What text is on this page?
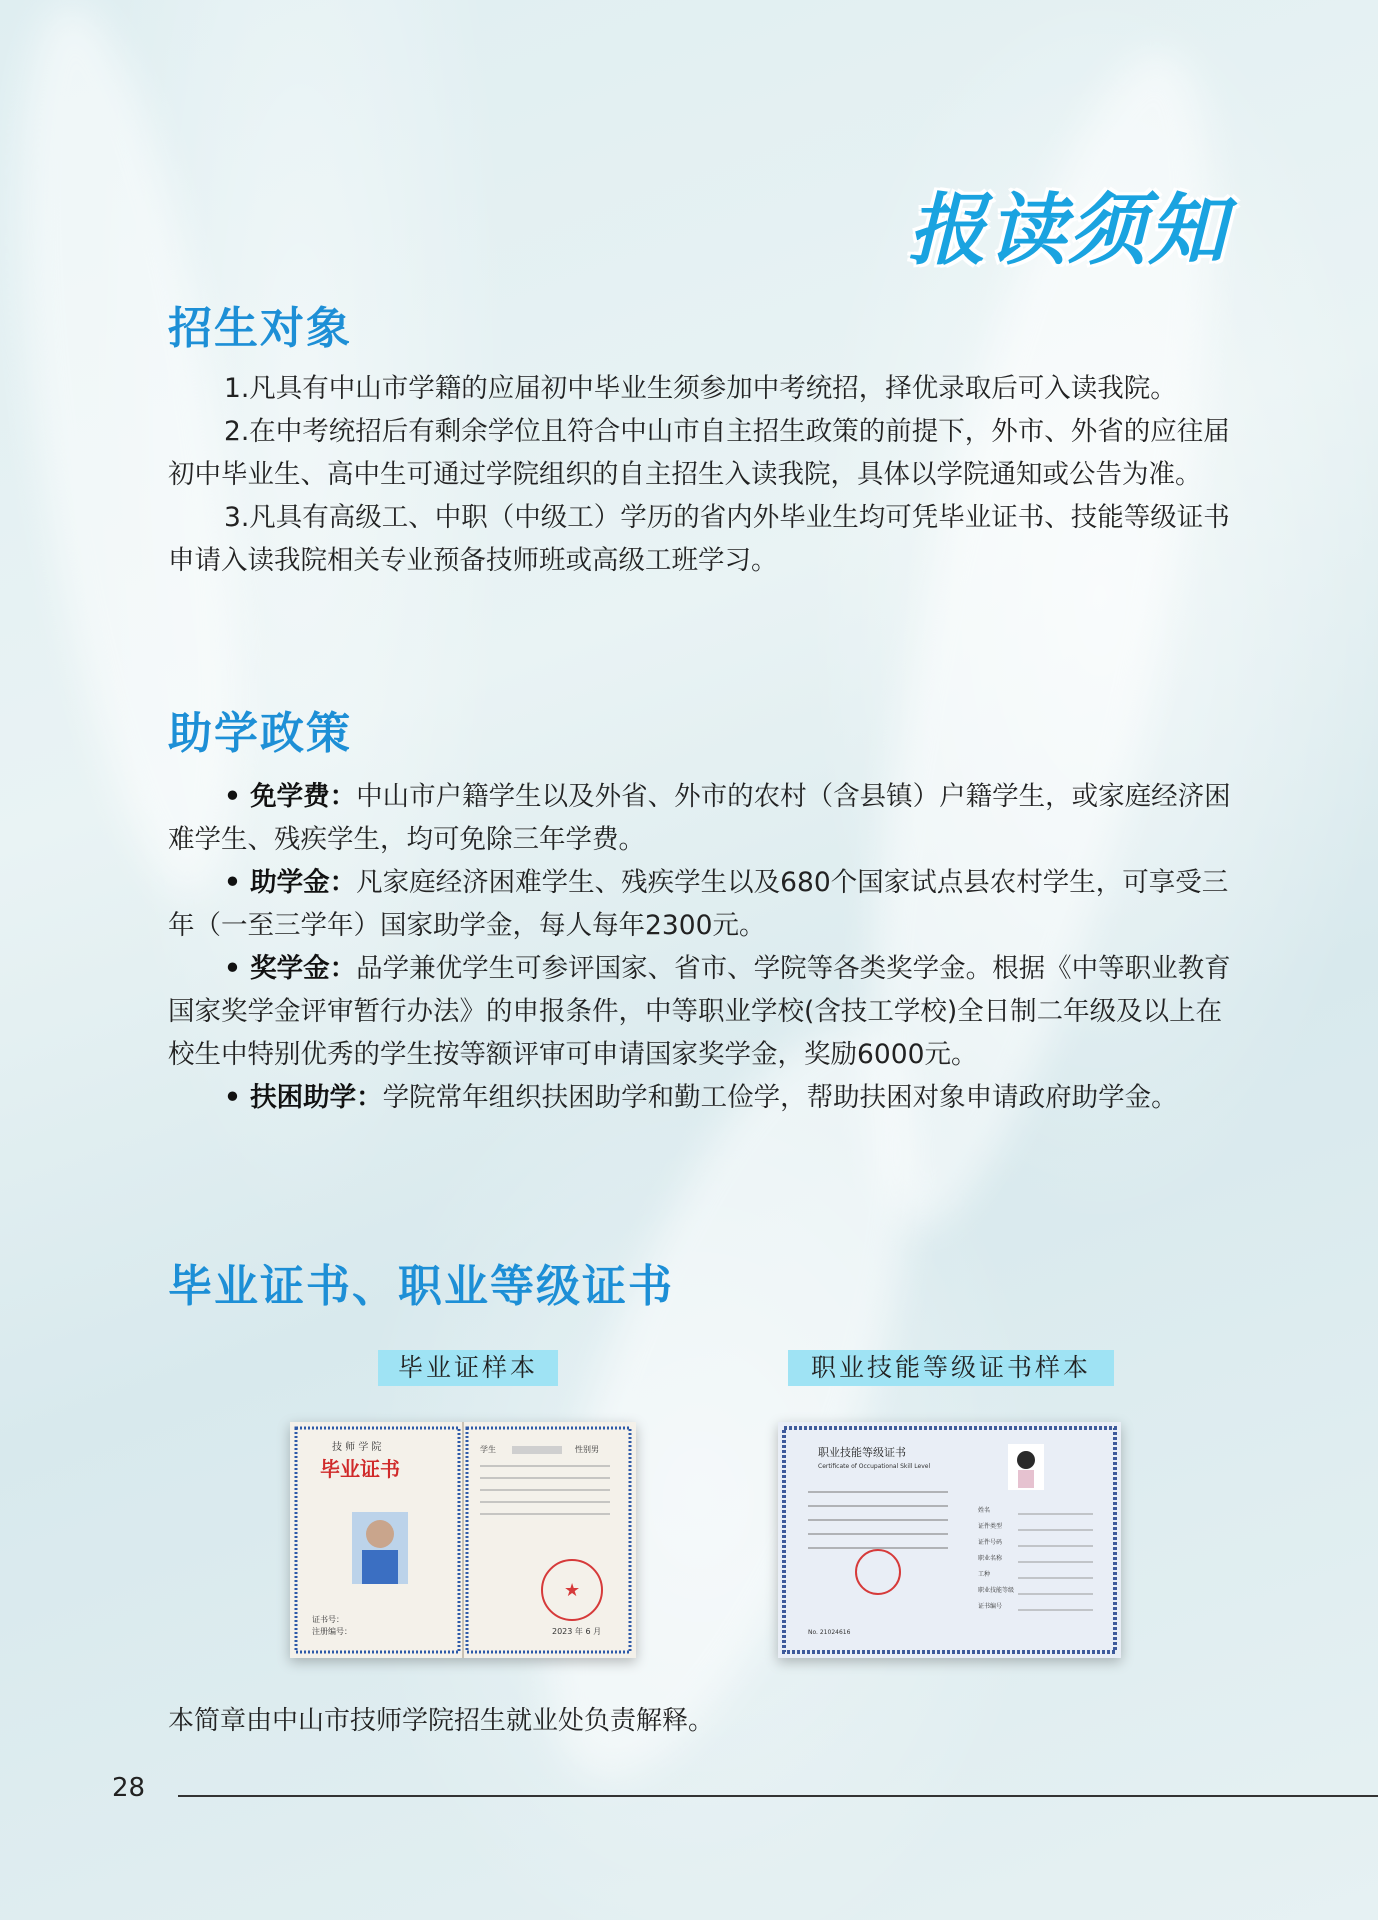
报读须知
招生对象

1.凡具有中山市学籍的应届初中毕业生须参加中考统招，择优录取后可入读我院。

2.在中考统招后有剩余学位且符合中山市自主招生政策的前提下，外市、外省的应往届初中毕业生、高中生可通过学院组织的自主招生入读我院，具体以学院通知或公告为准。

3.凡具有高级工、中职（中级工）学历的省内外毕业生均可凭毕业证书、技能等级证书申请入读我院相关专业预备技师班或高级工班学习。

助学政策

• 免学费：中山市户籍学生以及外省、外市的农村（含县镇）户籍学生，或家庭经济困难学生、残疾学生，均可免除三年学费。

• 助学金：凡家庭经济困难学生、残疾学生以及680个国家试点县农村学生，可享受三年（一至三学年）国家助学金，每人每年2300元。

• 奖学金：品学兼优学生可参评国家、省市、学院等各类奖学金。根据《中等职业教育国家奖学金评审暂行办法》的申报条件，中等职业学校(含技工学校)全日制二年级及以上在校生中特别优秀的学生按等额评审可申请国家奖学金，奖励6000元。

• 扶困助学：学院常年组织扶困助学和勤工俭学，帮助扶困对象申请政府助学金。

毕业证书、职业等级证书
毕业证样本	职业技能等级证书样本
技 师 学 院
毕业证书
证书号：
注册编号：
学生	性别男
★
2023 年 6 月
职业技能等级证书
Certificate of Occupational Skill Level
姓名
证件类型
证件号码
职业名称
工种
职业技能等级
证书编号
No. 21024616
本简章由中山市技师学院招生就业处负责解释。
28
